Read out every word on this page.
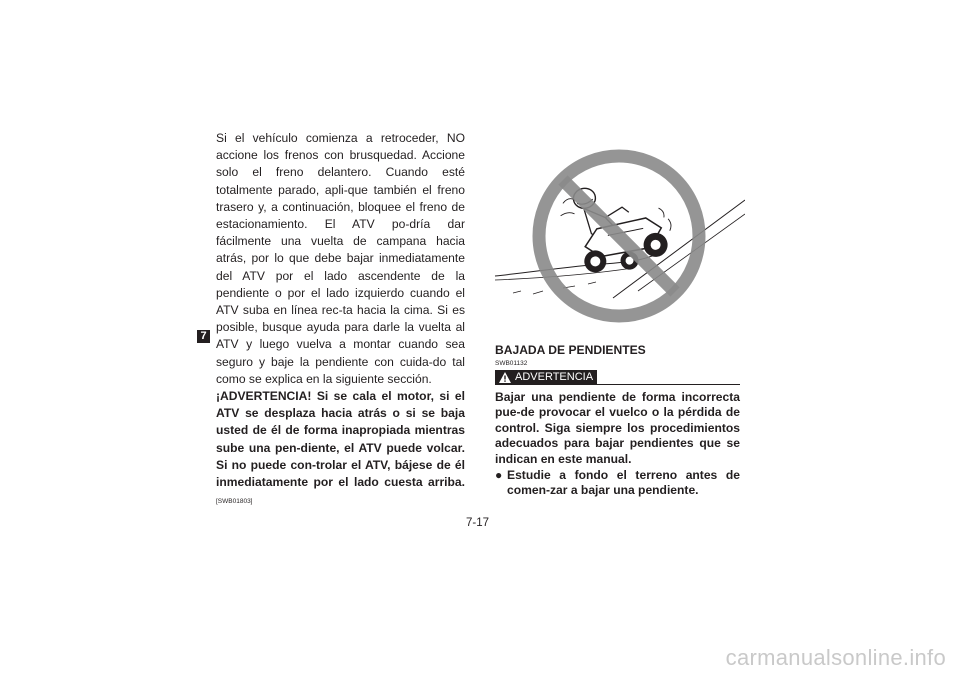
7

Si el vehículo comienza a retroceder, NO accione los frenos con brusquedad. Accione solo el freno delantero. Cuando esté totalmente parado, apli-que también el freno trasero y, a continuación, bloquee el freno de estacionamiento. El ATV po-dría dar fácilmente una vuelta de campana hacia atrás, por lo que debe bajar inmediatamente del ATV por el lado ascendente de la pendiente o por el lado izquierdo cuando el ATV suba en línea rec-ta hacia la cima. Si es posible, busque ayuda para darle la vuelta al ATV y luego vuelva a montar cuando sea seguro y baje la pendiente con cuida-do tal como se explica en la siguiente sección.

¡ADVERTENCIA! Si se cala el motor, si el ATV se desplaza hacia atrás o si se baja usted de él de forma inapropiada mientras sube una pen-diente, el ATV puede volcar. Si no puede con-trolar el ATV, bájese de él inmediatamente por el lado cuesta arriba. [SWB01803]

BAJADA DE PENDIENTES

SWB01132

ADVERTENCIA

Bajar una pendiente de forma incorrecta pue-de provocar el vuelco o la pérdida de control. Siga siempre los procedimientos adecuados para bajar pendientes que se indican en este manual.

● Estudie a fondo el terreno antes de comen-zar a bajar una pendiente.
7-17
carmanualsonline.info
